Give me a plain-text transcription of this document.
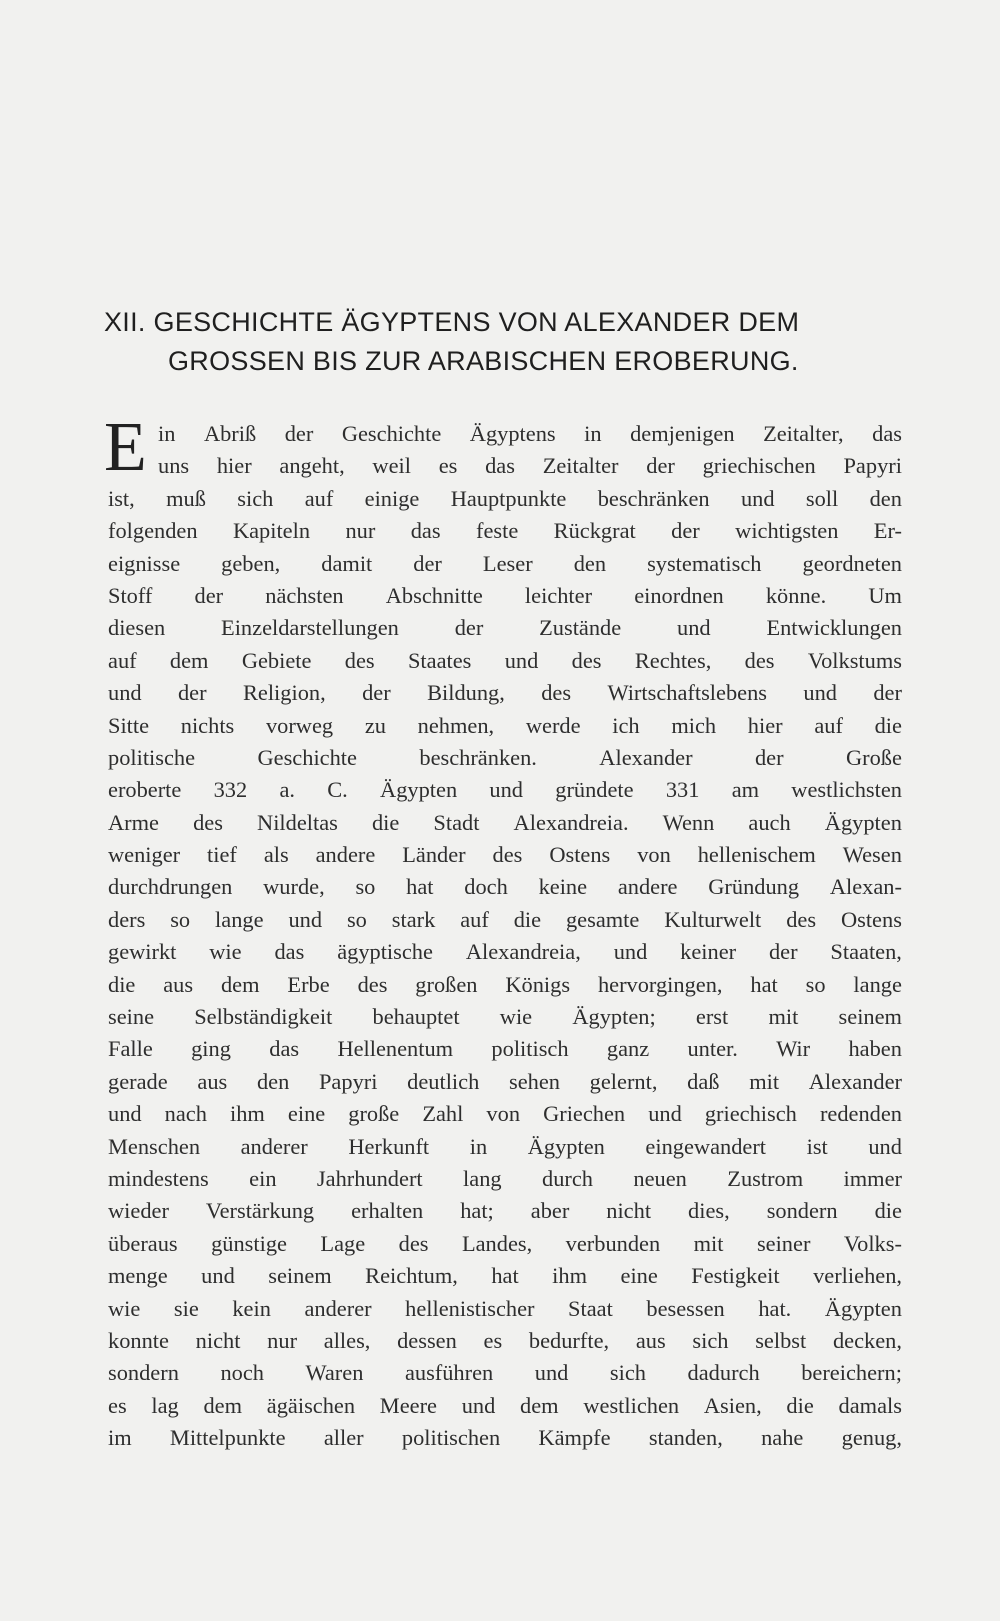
XII. GESCHICHTE ÄGYPTENS VON ALEXANDER DEM
GROSSEN BIS ZUR ARABISCHEN EROBERUNG.
E in Abriß der Geschichte Ägyptens in demjenigen Zeitalter, das
uns hier angeht, weil es das Zeitalter der griechischen Papyri
ist, muß sich auf einige Hauptpunkte beschränken und soll den
folgenden Kapiteln nur das feste Rückgrat der wichtigsten Er-
eignisse geben, damit der Leser den systematisch geordneten
Stoff der nächsten Abschnitte leichter einordnen könne. Um
diesen Einzeldarstellungen der Zustände und Entwicklungen
auf dem Gebiete des Staates und des Rechtes, des Volkstums
und der Religion, der Bildung, des Wirtschaftslebens und der
Sitte nichts vorweg zu nehmen, werde ich mich hier auf die
politische	Geschichte	beschränken.	Alexander	der	Große
eroberte 332 a. C. Ägypten und gründete 331 am westlichsten
Arme des Nildeltas die Stadt Alexandreia. Wenn auch Ägypten
weniger tief als andere Länder des Ostens von hellenischem Wesen
durchdrungen wurde, so hat doch keine andere Gründung Alexan-
ders so lange und so stark auf die gesamte Kulturwelt des Ostens
gewirkt wie das ägyptische Alexandreia, und keiner der Staaten,
die aus dem Erbe des großen Königs hervorgingen, hat so lange
seine Selbständigkeit behauptet wie Ägypten; erst mit seinem
Falle ging das Hellenentum politisch ganz unter. Wir haben
gerade aus den Papyri deutlich sehen gelernt, daß mit Alexander
und nach ihm eine große Zahl von Griechen und griechisch redenden
Menschen anderer Herkunft in Ägypten eingewandert ist und
mindestens ein Jahrhundert lang durch neuen Zustrom immer
wieder Verstärkung erhalten hat; aber nicht dies, sondern die
überaus günstige Lage des Landes, verbunden mit seiner Volks-
menge und seinem Reichtum, hat ihm eine Festigkeit verliehen,
wie sie kein anderer hellenistischer Staat besessen hat. Ägypten
konnte nicht nur alles, dessen es bedurfte, aus sich selbst decken,
sondern noch Waren ausführen und sich dadurch bereichern;
es lag dem ägäischen Meere und dem westlichen Asien, die damals
im Mittelpunkte aller politischen Kämpfe standen, nahe genug,
